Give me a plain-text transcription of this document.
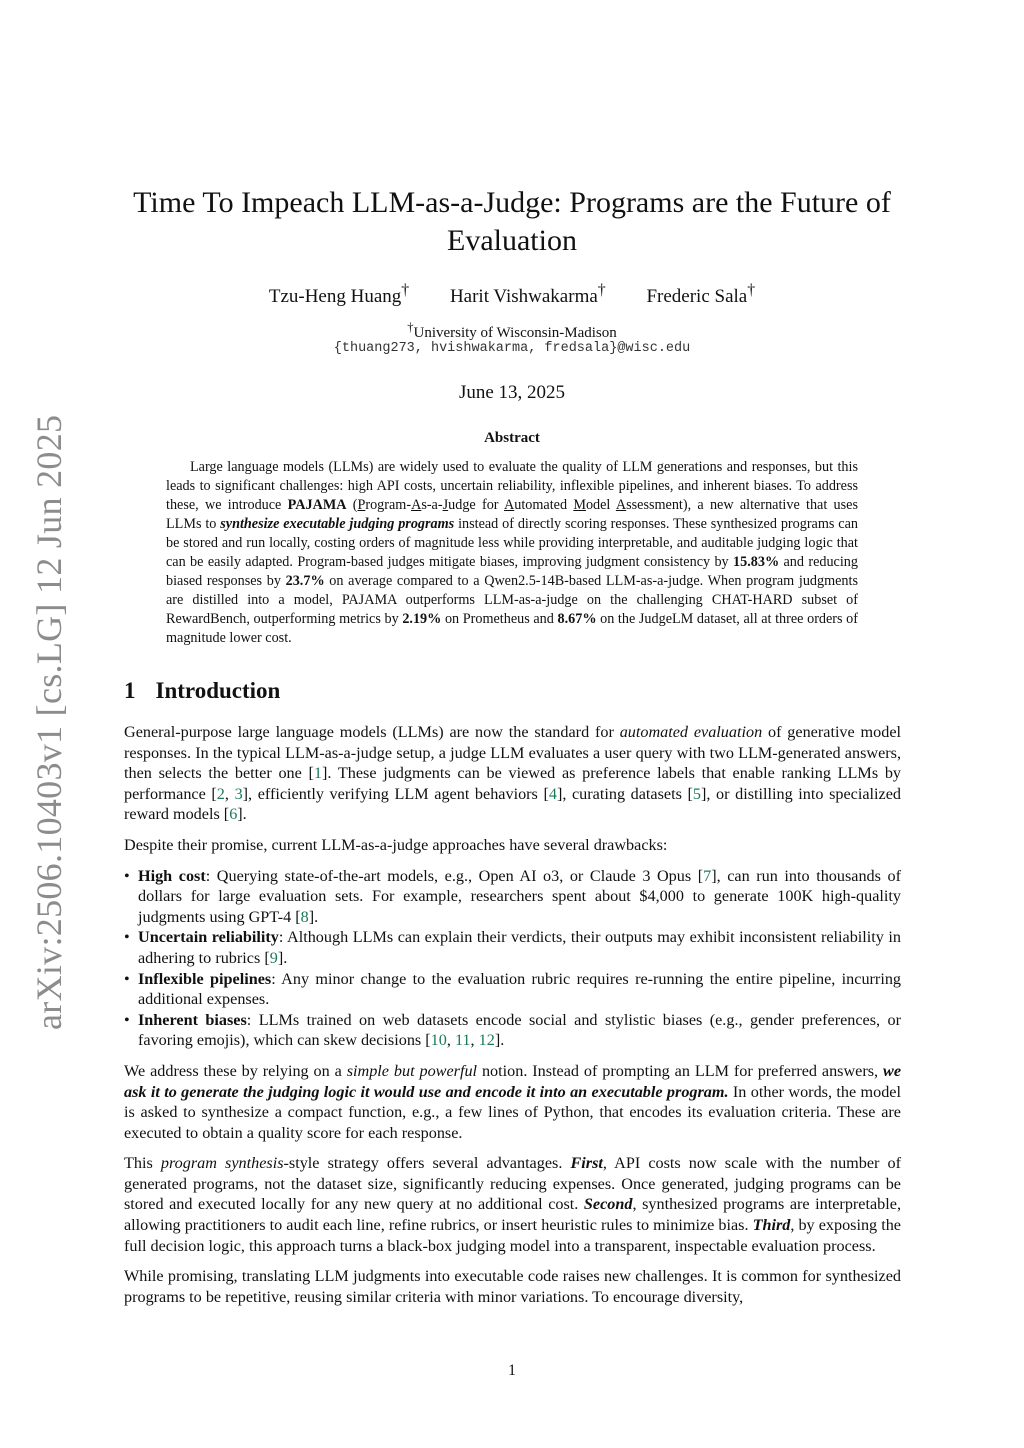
arXiv:2506.10403v1 [cs.LG] 12 Jun 2025
Time To Impeach LLM-as-a-Judge: Programs are the Future of Evaluation
Tzu-Heng Huang† Harit Vishwakarma† Frederic Sala†
†University of Wisconsin-Madison
{thuang273, hvishwakarma, fredsala}@wisc.edu
June 13, 2025
Abstract

Large language models (LLMs) are widely used to evaluate the quality of LLM generations and responses, but this leads to significant challenges: high API costs, uncertain reliability, inflexible pipelines, and inherent biases. To address these, we introduce PAJAMA (Program-As-a-Judge for Automated Model Assessment), a new alternative that uses LLMs to synthesize executable judging programs instead of directly scoring responses. These synthesized programs can be stored and run locally, costing orders of magnitude less while providing interpretable, and auditable judging logic that can be easily adapted. Program-based judges mitigate biases, improving judgment consistency by 15.83% and reducing biased responses by 23.7% on average compared to a Qwen2.5-14B-based LLM-as-a-judge. When program judgments are distilled into a model, PAJAMA outperforms LLM-as-a-judge on the challenging CHAT-HARD subset of RewardBench, outperforming metrics by 2.19% on Prometheus and 8.67% on the JudgeLM dataset, all at three orders of magnitude lower cost.

1 Introduction

General-purpose large language models (LLMs) are now the standard for automated evaluation of generative model responses. In the typical LLM-as-a-judge setup, a judge LLM evaluates a user query with two LLM-generated answers, then selects the better one [1]. These judgments can be viewed as preference labels that enable ranking LLMs by performance [2, 3], efficiently verifying LLM agent behaviors [4], curating datasets [5], or distilling into specialized reward models [6].

Despite their promise, current LLM-as-a-judge approaches have several drawbacks:

• High cost: Querying state-of-the-art models, e.g., Open AI o3, or Claude 3 Opus [7], can run into thousands of dollars for large evaluation sets. For example, researchers spent about $4,000 to generate 100K high-quality judgments using GPT-4 [8].
• Uncertain reliability: Although LLMs can explain their verdicts, their outputs may exhibit inconsistent reliability in adhering to rubrics [9].
• Inflexible pipelines: Any minor change to the evaluation rubric requires re-running the entire pipeline, incurring additional expenses.
• Inherent biases: LLMs trained on web datasets encode social and stylistic biases (e.g., gender preferences, or favoring emojis), which can skew decisions [10, 11, 12].

We address these by relying on a simple but powerful notion. Instead of prompting an LLM for preferred answers, we ask it to generate the judging logic it would use and encode it into an executable program. In other words, the model is asked to synthesize a compact function, e.g., a few lines of Python, that encodes its evaluation criteria. These are executed to obtain a quality score for each response.

This program synthesis-style strategy offers several advantages. First, API costs now scale with the number of generated programs, not the dataset size, significantly reducing expenses. Once generated, judging programs can be stored and executed locally for any new query at no additional cost. Second, synthesized programs are interpretable, allowing practitioners to audit each line, refine rubrics, or insert heuristic rules to minimize bias. Third, by exposing the full decision logic, this approach turns a black-box judging model into a transparent, inspectable evaluation process.

While promising, translating LLM judgments into executable code raises new challenges. It is common for synthesized programs to be repetitive, reusing similar criteria with minor variations. To encourage diversity,

1
